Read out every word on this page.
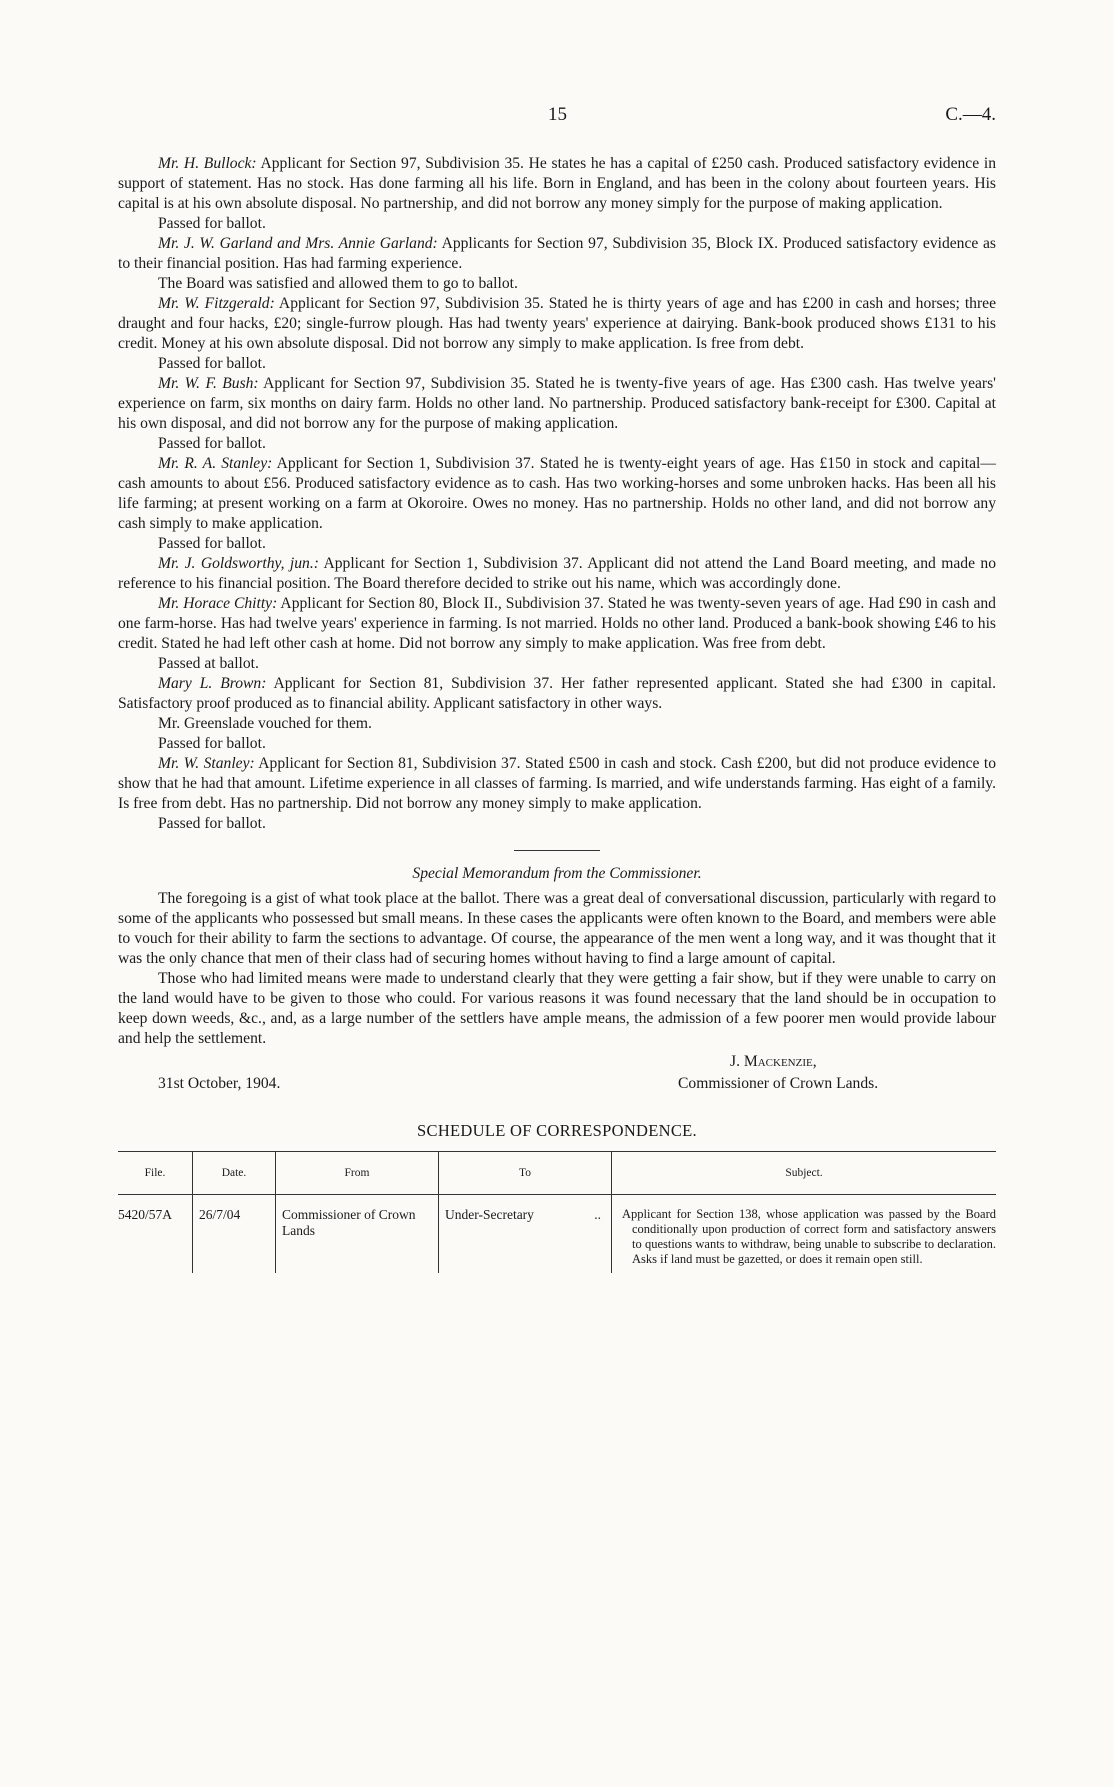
15	C.—4.

Mr. H. Bullock: Applicant for Section 97, Subdivision 35. He states he has a capital of £250 cash. Produced satisfactory evidence in support of statement. Has no stock. Has done farming all his life. Born in England, and has been in the colony about fourteen years. His capital is at his own absolute disposal. No partnership, and did not borrow any money simply for the purpose of making application.

Passed for ballot.

Mr. J. W. Garland and Mrs. Annie Garland: Applicants for Section 97, Subdivision 35, Block IX. Produced satisfactory evidence as to their financial position. Has had farming experience.

The Board was satisfied and allowed them to go to ballot.

Mr. W. Fitzgerald: Applicant for Section 97, Subdivision 35. Stated he is thirty years of age and has £200 in cash and horses; three draught and four hacks, £20; single-furrow plough. Has had twenty years' experience at dairying. Bank-book produced shows £131 to his credit. Money at his own absolute disposal. Did not borrow any simply to make application. Is free from debt.

Passed for ballot.

Mr. W. F. Bush: Applicant for Section 97, Subdivision 35. Stated he is twenty-five years of age. Has £300 cash. Has twelve years' experience on farm, six months on dairy farm. Holds no other land. No partnership. Produced satisfactory bank-receipt for £300. Capital at his own disposal, and did not borrow any for the purpose of making application.

Passed for ballot.

Mr. R. A. Stanley: Applicant for Section 1, Subdivision 37. Stated he is twenty-eight years of age. Has £150 in stock and capital—cash amounts to about £56. Produced satisfactory evidence as to cash. Has two working-horses and some unbroken hacks. Has been all his life farming; at present working on a farm at Okoroire. Owes no money. Has no partnership. Holds no other land, and did not borrow any cash simply to make application.

Passed for ballot.

Mr. J. Goldsworthy, jun.: Applicant for Section 1, Subdivision 37. Applicant did not attend the Land Board meeting, and made no reference to his financial position. The Board therefore decided to strike out his name, which was accordingly done.

Mr. Horace Chitty: Applicant for Section 80, Block II., Subdivision 37. Stated he was twenty-seven years of age. Had £90 in cash and one farm-horse. Has had twelve years' experience in farming. Is not married. Holds no other land. Produced a bank-book showing £46 to his credit. Stated he had left other cash at home. Did not borrow any simply to make application. Was free from debt.

Passed at ballot.

Mary L. Brown: Applicant for Section 81, Subdivision 37. Her father represented applicant. Stated she had £300 in capital. Satisfactory proof produced as to financial ability. Applicant satisfactory in other ways.

Mr. Greenslade vouched for them.
Passed for ballot.

Mr. W. Stanley: Applicant for Section 81, Subdivision 37. Stated £500 in cash and stock. Cash £200, but did not produce evidence to show that he had that amount. Lifetime experience in all classes of farming. Is married, and wife understands farming. Has eight of a family. Is free from debt. Has no partnership. Did not borrow any money simply to make application.

Passed for ballot.
Special Memorandum from the Commissioner.

The foregoing is a gist of what took place at the ballot. There was a great deal of conversational discussion, particularly with regard to some of the applicants who possessed but small means. In these cases the applicants were often known to the Board, and members were able to vouch for their ability to farm the sections to advantage. Of course, the appearance of the men went a long way, and it was thought that it was the only chance that men of their class had of securing homes without having to find a large amount of capital.

Those who had limited means were made to understand clearly that they were getting a fair show, but if they were unable to carry on the land would have to be given to those who could. For various reasons it was found necessary that the land should be in occupation to keep down weeds, &c., and, as a large number of the settlers have ample means, the admission of a few poorer men would provide labour and help the settlement.

J. Mackenzie,
31st October, 1904.	Commissioner of Crown Lands.
SCHEDULE OF CORRESPONDENCE.
File.	Date.	From	To	Subject.
5420/57A	26/7/04	Commissioner of Crown Lands	Under-Secretary ..	Applicant for Section 138, whose application was passed by the Board conditionally upon production of correct form and satisfactory answers to questions wants to withdraw, being unable to subscribe to declaration. Asks if land must be gazetted, or does it remain open still.
